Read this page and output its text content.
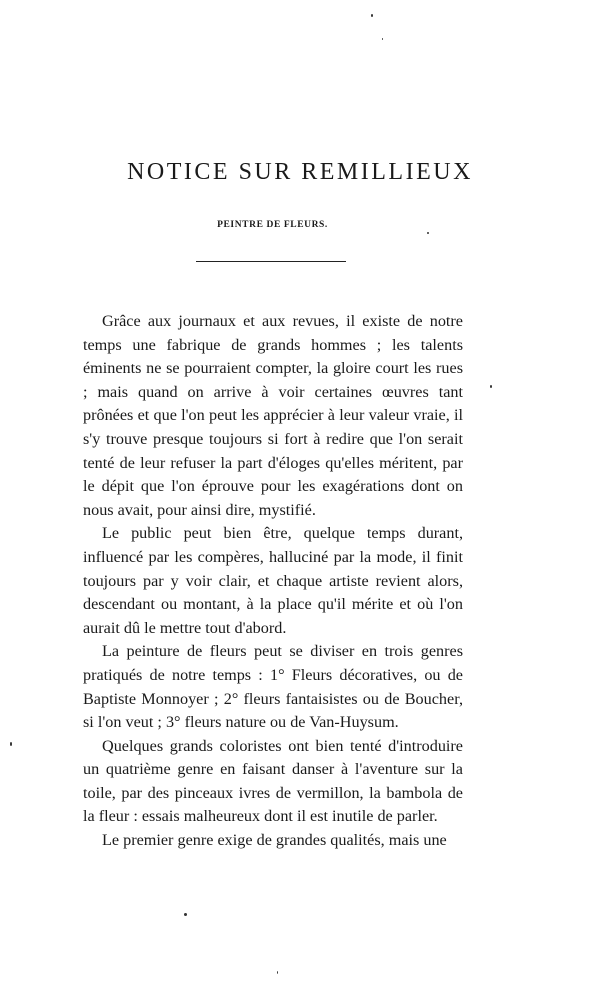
NOTICE SUR REMILLIEUX
PEINTRE DE FLEURS.

Grâce aux journaux et aux revues, il existe de notre temps une fabrique de grands hommes ; les talents éminents ne se pourraient compter, la gloire court les rues ; mais quand on arrive à voir certaines œuvres tant prônées et que l'on peut les apprécier à leur valeur vraie, il s'y trouve presque toujours si fort à redire que l'on serait tenté de leur refuser la part d'éloges qu'elles méritent, par le dépit que l'on éprouve pour les exagérations dont on nous avait, pour ainsi dire, mystifié.

Le public peut bien être, quelque temps durant, influencé par les compères, halluciné par la mode, il finit toujours par y voir clair, et chaque artiste revient alors, descendant ou montant, à la place qu'il mérite et où l'on aurait dû le mettre tout d'abord.

La peinture de fleurs peut se diviser en trois genres pratiqués de notre temps : 1° Fleurs décoratives, ou de Baptiste Monnoyer ; 2° fleurs fantaisistes ou de Boucher, si l'on veut ; 3° fleurs nature ou de Van-Huysum.

Quelques grands coloristes ont bien tenté d'introduire un quatrième genre en faisant danser à l'aventure sur la toile, par des pinceaux ivres de vermillon, la bambola de la fleur : essais malheureux dont il est inutile de parler.

Le premier genre exige de grandes qualités, mais une
